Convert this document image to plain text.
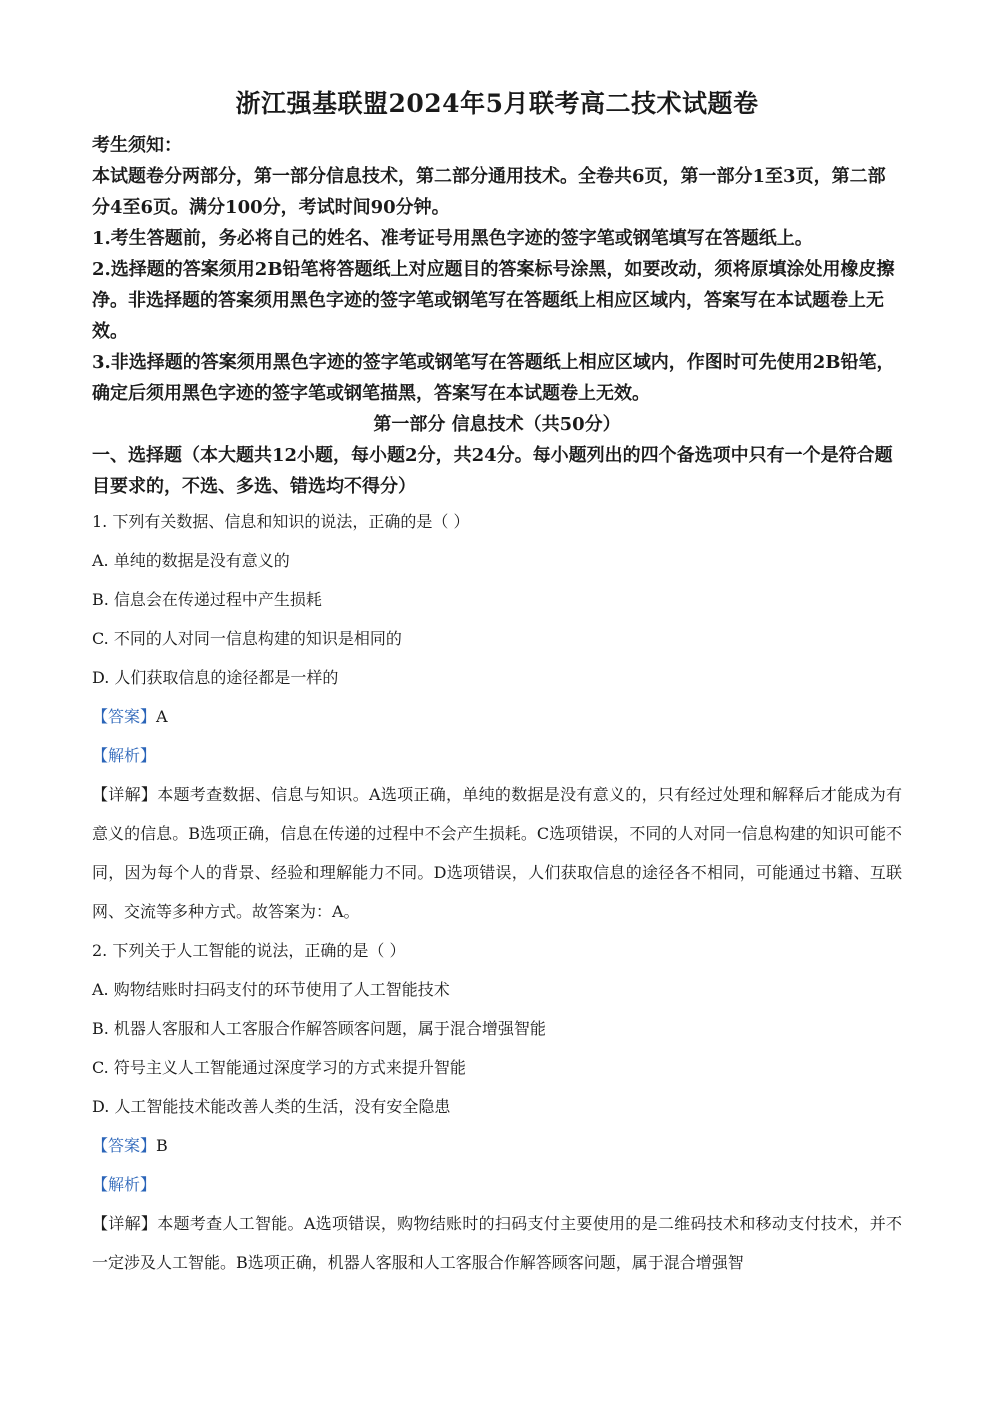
浙江强基联盟2024年5月联考高二技术试题卷

考生须知：

本试题卷分两部分，第一部分信息技术，第二部分通用技术。全卷共6页，第一部分1至3页，第二部分4至6页。满分100分，考试时间90分钟。

1.考生答题前，务必将自己的姓名、准考证号用黑色字迹的签字笔或钢笔填写在答题纸上。

2.选择题的答案须用2B铅笔将答题纸上对应题目的答案标号涂黑，如要改动，须将原填涂处用橡皮擦净。非选择题的答案须用黑色字迹的签字笔或钢笔写在答题纸上相应区域内，答案写在本试题卷上无效。

3.非选择题的答案须用黑色字迹的签字笔或钢笔写在答题纸上相应区域内，作图时可先使用2B铅笔，确定后须用黑色字迹的签字笔或钢笔描黑，答案写在本试题卷上无效。

第一部分 信息技术（共50分）

一、选择题（本大题共12小题，每小题2分，共24分。每小题列出的四个备选项中只有一个是符合题目要求的，不选、多选、错选均不得分）

1. 下列有关数据、信息和知识的说法，正确的是（ ）

A. 单纯的数据是没有意义的

B. 信息会在传递过程中产生损耗

C. 不同的人对同一信息构建的知识是相同的

D. 人们获取信息的途径都是一样的

【答案】A

【解析】

【详解】本题考查数据、信息与知识。A选项正确，单纯的数据是没有意义的，只有经过处理和解释后才能成为有意义的信息。B选项正确，信息在传递的过程中不会产生损耗。C选项错误，不同的人对同一信息构建的知识可能不同，因为每个人的背景、经验和理解能力不同。D选项错误，人们获取信息的途径各不相同，可能通过书籍、互联网、交流等多种方式。故答案为：A。

2. 下列关于人工智能的说法，正确的是（ ）

A. 购物结账时扫码支付的环节使用了人工智能技术

B. 机器人客服和人工客服合作解答顾客问题，属于混合增强智能

C. 符号主义人工智能通过深度学习的方式来提升智能

D. 人工智能技术能改善人类的生活，没有安全隐患

【答案】B

【解析】

【详解】本题考查人工智能。A选项错误，购物结账时的扫码支付主要使用的是二维码技术和移动支付技术，并不一定涉及人工智能。B选项正确，机器人客服和人工客服合作解答顾客问题，属于混合增强智
